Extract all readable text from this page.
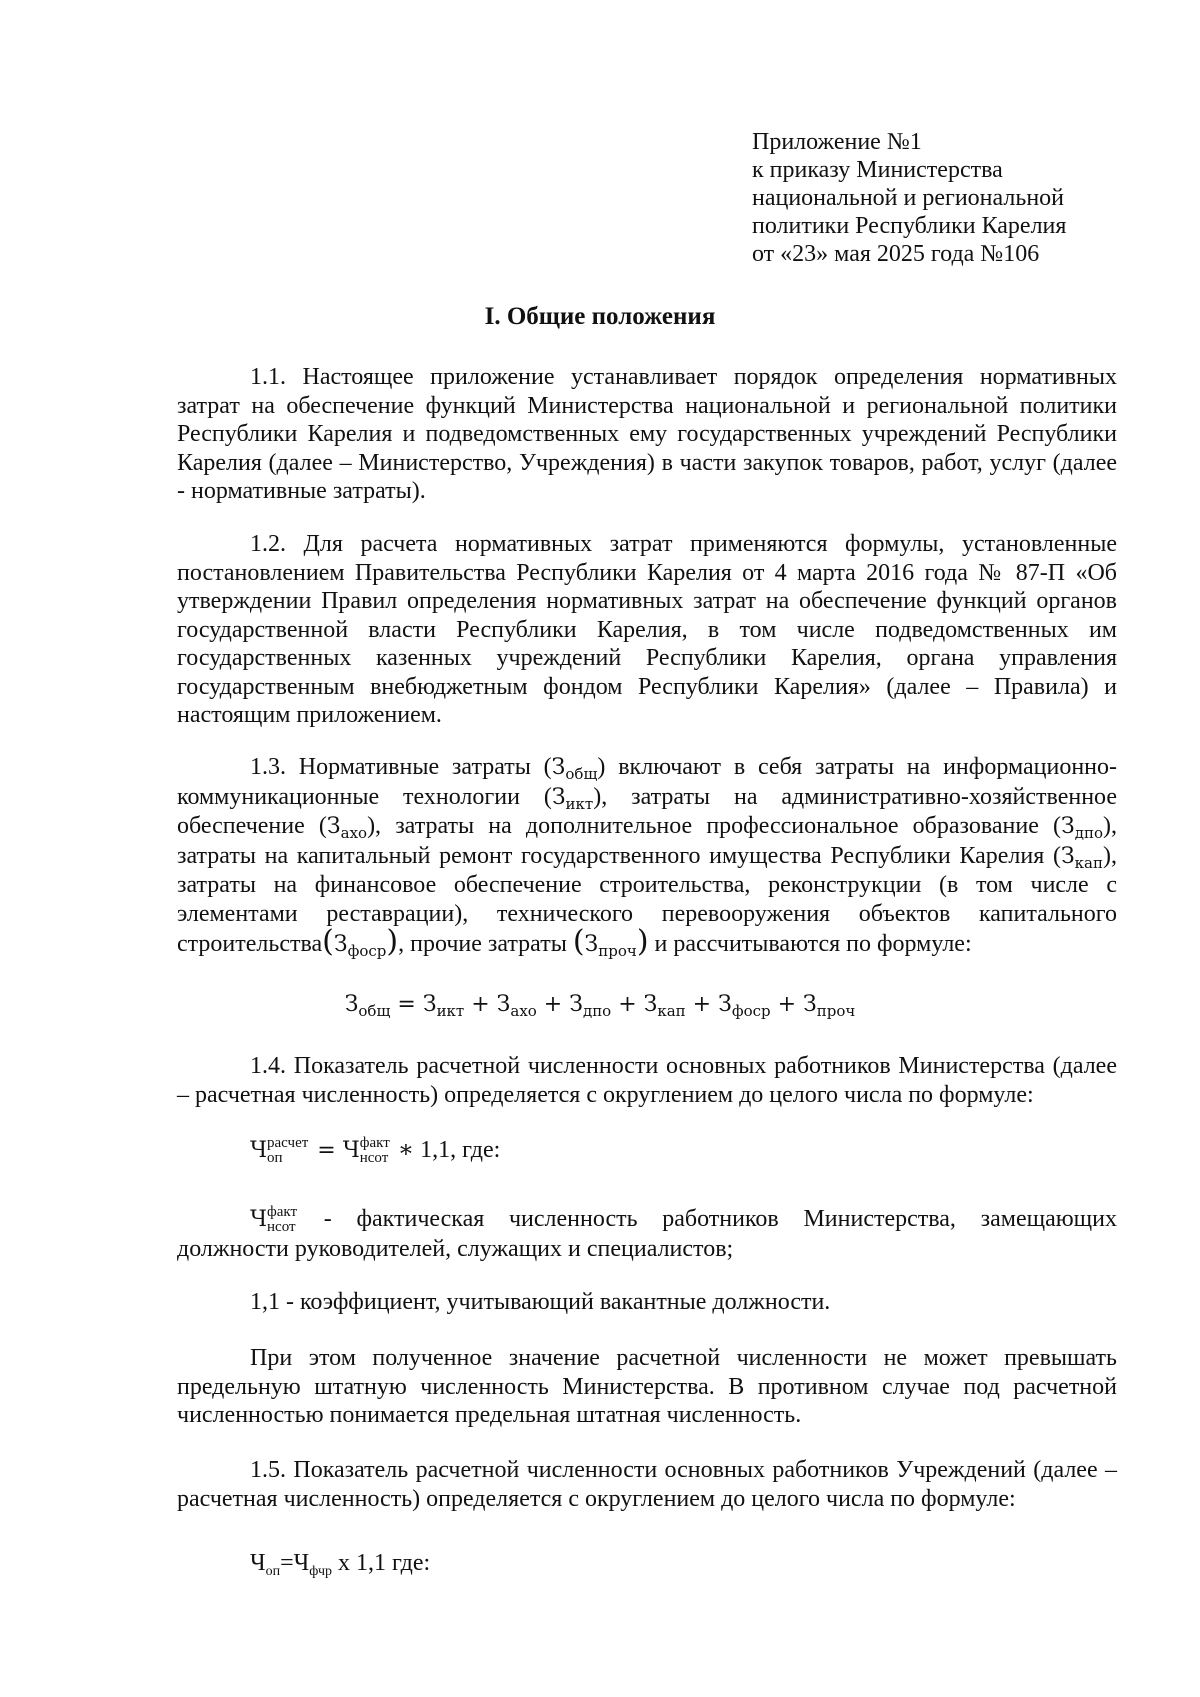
Приложение №1
к приказу Министерства
национальной и региональной
политики Республики Карелия
от «23» мая 2025 года №106
I. Общие положения

1.1. Настоящее приложение устанавливает порядок определения нормативных затрат на обеспечение функций Министерства национальной и региональной политики Республики Карелия и подведомственных ему государственных учреждений Республики Карелия (далее – Министерство, Учреждения) в части закупок товаров, работ, услуг (далее - нормативные затраты).

1.2. Для расчета нормативных затрат применяются формулы, установленные постановлением Правительства Республики Карелия от 4 марта 2016 года № 87-П «Об утверждении Правил определения нормативных затрат на обеспечение функций органов государственной власти Республики Карелия, в том числе подведомственных им государственных казенных учреждений Республики Карелия, органа управления государственным внебюджетным фондом Республики Карелия» (далее – Правила) и настоящим приложением.

1.3. Нормативные затраты $(З_{общ})$ включают в себя затраты на информационно-коммуникационные технологии $(З_{икт})$, затраты на административно-хозяйственное обеспечение $(З_{ахо})$, затраты на дополнительное профессиональное образование $(З_{дпо})$, затраты на капитальный ремонт государственного имущества Республики Карелия $(З_{кап})$, затраты на финансовое обеспечение строительства, реконструкции (в том числе с элементами реставрации), технического перевооружения объектов капитального $строительства(З_{фоср})$, прочие затраты $(З_{проч})$ и рассчитываются по формуле:

$З_{общ} = З_{икт} + З_{ахо} + З_{дпо} + З_{кап} + З_{фоср} + З_{проч}$

1.4. Показатель расчетной численности основных работников Министерства (далее – расчетная численность) определяется с округлением до целого числа по формуле:

Ч расчет
оп	= Ч факт
нсот ∗ 1,1, где:

Ч факт
нсот - фактическая численность работников Министерства, замещающих должности руководителей, служащих и специалистов;

1,1 - коэффициент, учитывающий вакантные должности.

При этом полученное значение расчетной численности не может превышать предельную штатную численность Министерства. В противном случае под расчетной численностью понимается предельная штатная численность.

1.5. Показатель расчетной численности основных работников Учреждений (далее – расчетная численность) определяется с округлением до целого числа по формуле:

$Ч_{оп}=Ч_{фчр}$ х 1,1 где:
